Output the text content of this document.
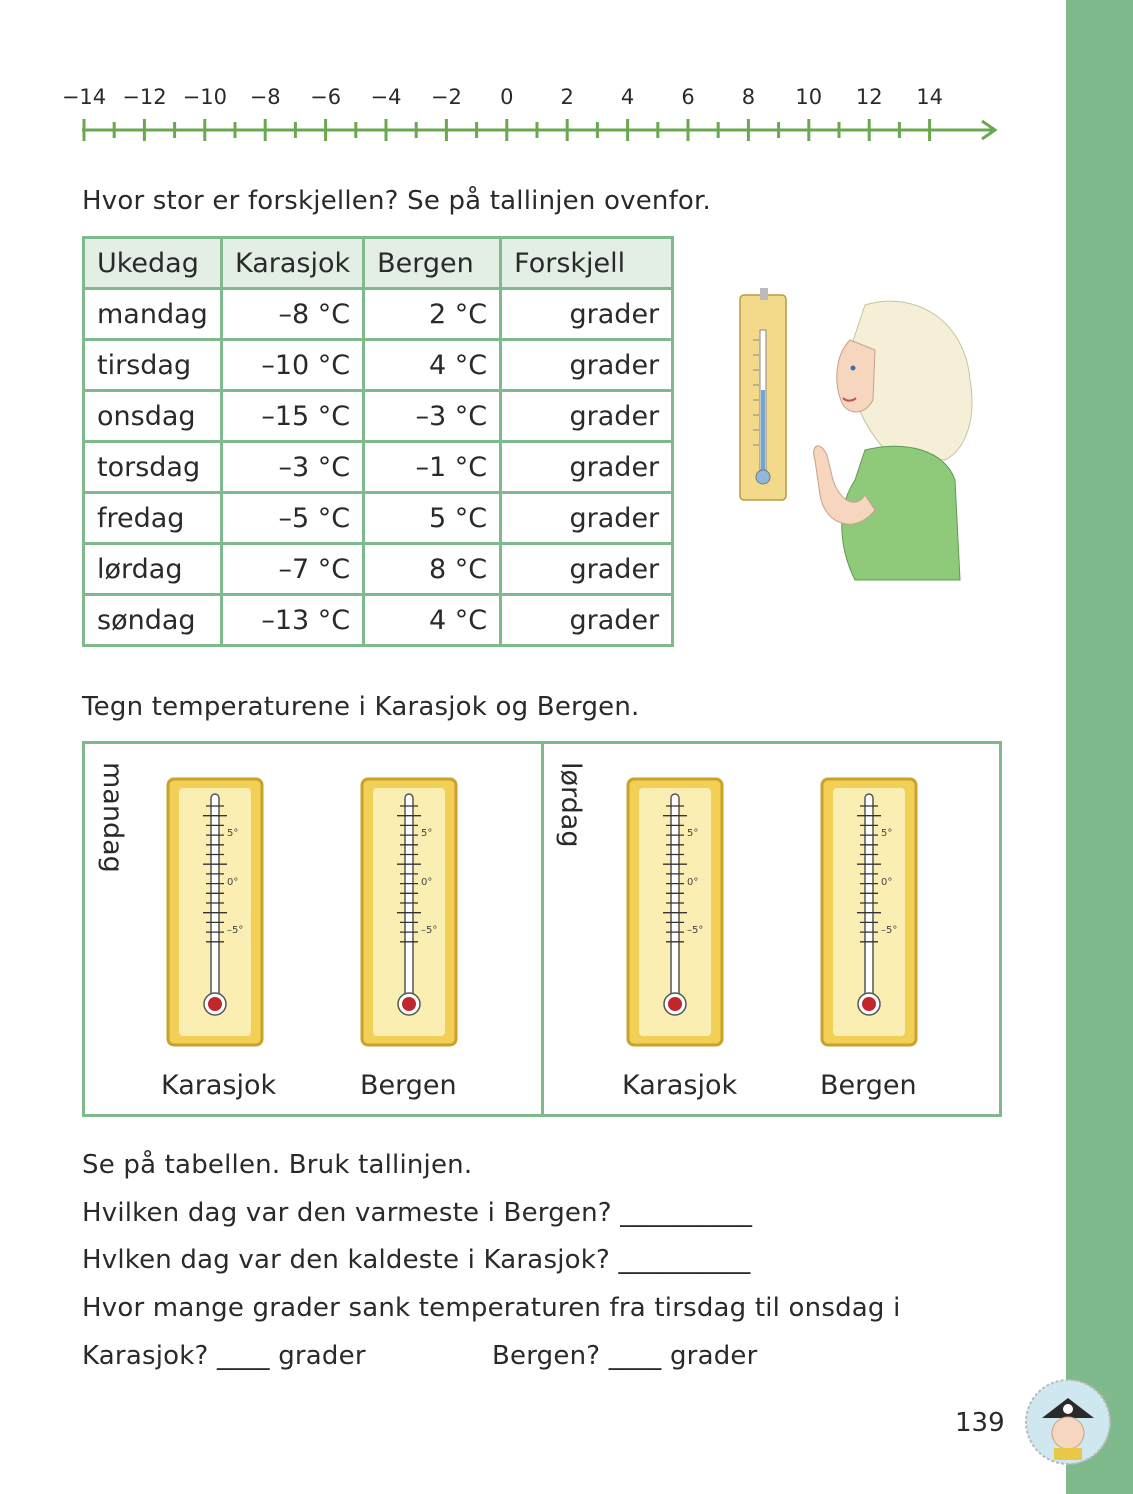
−14 −12 −10 −8 −6 −4 −2 0 2 4 6 8 10 12 14
Hvor stor er forskjellen? Se på tallinjen ovenfor.
Ukedag	Karasjok	Bergen	Forskjell
mandag	–8 °C	2 °C	grader
tirsdag	–10 °C	4 °C	grader
onsdag	–15 °C	–3 °C	grader
torsdag	–3 °C	–1 °C	grader
fredag	–5 °C	5 °C	grader
lørdag	–7 °C	8 °C	grader
søndag	–13 °C	4 °C	grader
Tegn temperaturene i Karasjok og Bergen.
mandag	lørdag
5°
0°
–5°
5°
0°
–5°
5°
0°
–5°
5°
0°
–5°
Karasjok	Bergen	Karasjok	Bergen
Se på tabellen. Bruk tallinjen.
Hvilken dag var den varmeste i Bergen? __________
Hvlken dag var den kaldeste i Karasjok? __________
Hvor mange grader sank temperaturen fra tirsdag til onsdag i
Karasjok? ____ grader	Bergen? ____ grader
139
